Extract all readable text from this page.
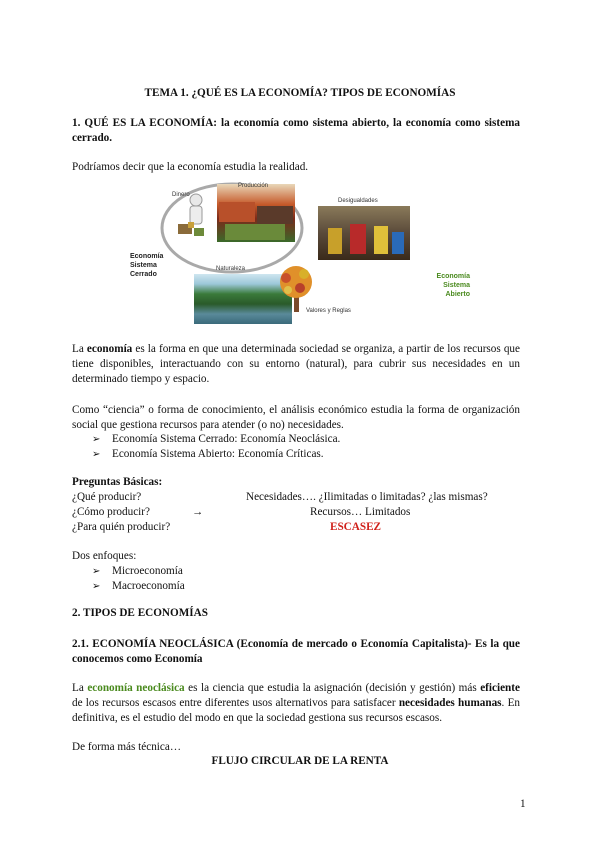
TEMA 1. ¿QUÉ ES LA ECONOMÍA? TIPOS DE ECONOMÍAS
1. QUÉ ES LA ECONOMÍA: la economía como sistema abierto, la economía como sistema cerrado.
Podríamos decir que la economía estudia la realidad.
Dinero
Producción
Desigualdades
Naturaleza
Valores y Reglas
Economía
Sistema
Cerrado	Economía
Sistema
Abierto
La economía es la forma en que una determinada sociedad se organiza, a partir de los recursos que tiene disponibles, interactuando con su entorno (natural), para cubrir sus necesidades en un determinado tiempo y espacio.
Como “ciencia” o forma de conocimiento, el análisis económico estudia la forma de organización social que gestiona recursos para atender (o no) necesidades.
➢ Economía Sistema Cerrado: Economía Neoclásica.
➢ Economía Sistema Abierto: Economía Críticas.
Preguntas Básicas:
¿Qué producir?
¿Cómo producir?
¿Para quién producir?
→
Necesidades…. ¿Ilimitadas o limitadas? ¿las mismas?
Recursos… Limitados
ESCASEZ
Dos enfoques:
➢ Microeconomía
➢ Macroeconomía
2. TIPOS DE ECONOMÍAS
2.1. ECONOMÍA NEOCLÁSICA (Economía de mercado o Economía Capitalista)- Es la que conocemos como Economía
La economía neoclásica es la ciencia que estudia la asignación (decisión y gestión) más eficiente de los recursos escasos entre diferentes usos alternativos para satisfacer necesidades humanas. En definitiva, es el estudio del modo en que la sociedad gestiona sus recursos escasos.
De forma más técnica…
FLUJO CIRCULAR DE LA RENTA
1
